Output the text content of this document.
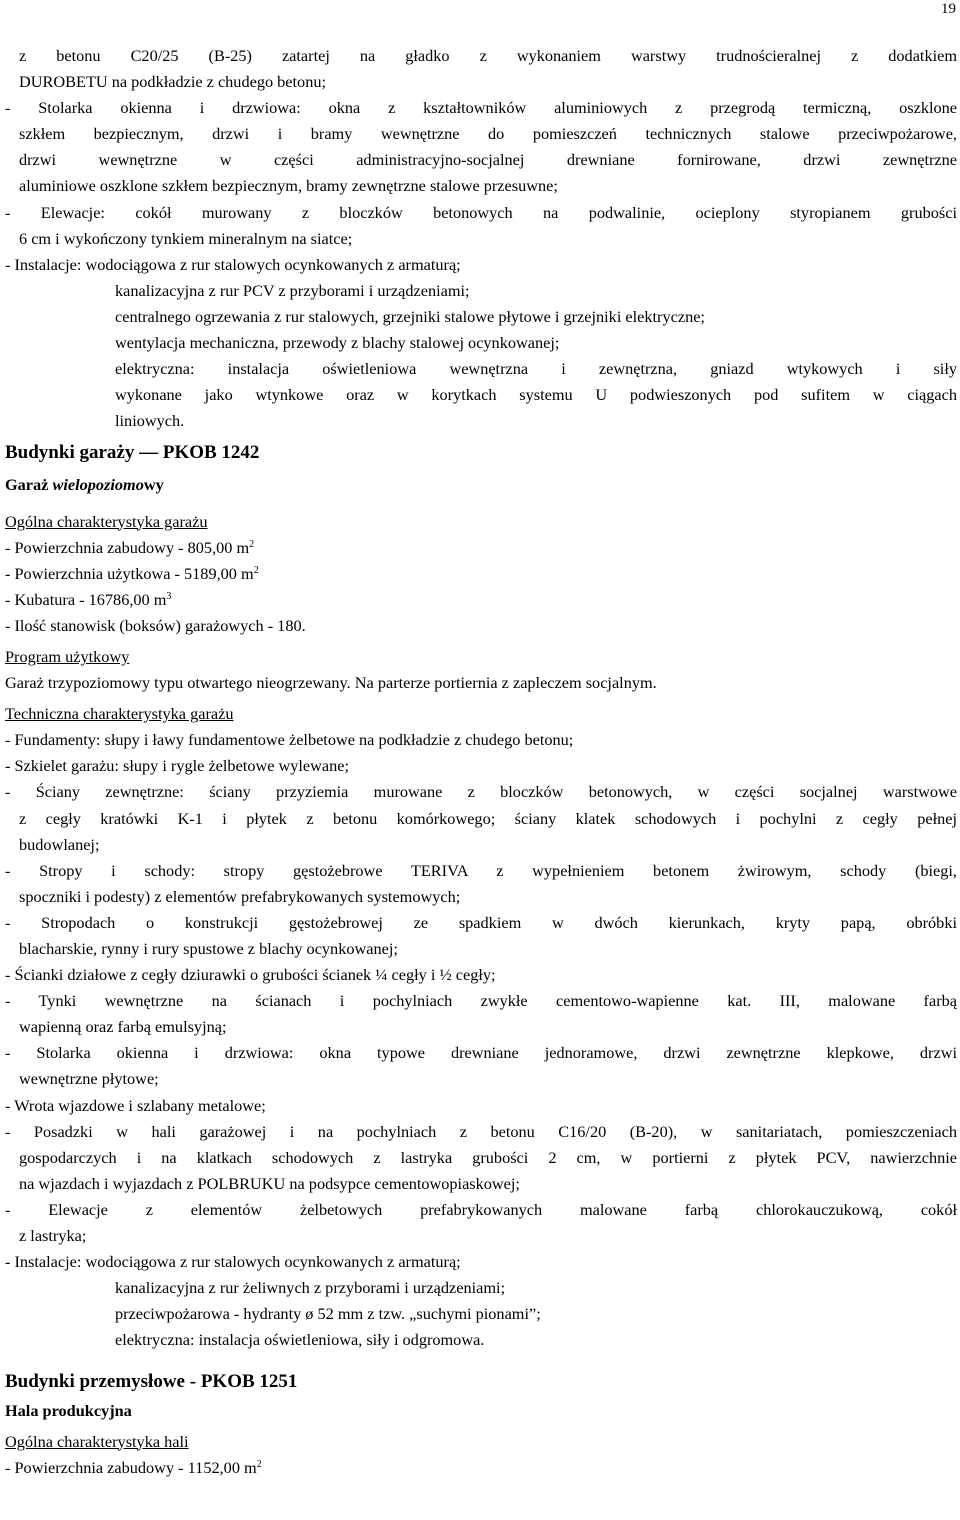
19
z betonu C20/25 (B-25) zatartej na gładko z wykonaniem warstwy trudnościeralnej z dodatkiem
DUROBETU na podkładzie z chudego betonu;
- Stolarka okienna i drzwiowa: okna z kształtowników aluminiowych z przegrodą termiczną, oszklone
szkłem bezpiecznym, drzwi i bramy wewnętrzne do pomieszczeń technicznych stalowe przeciwpożarowe,
drzwi wewnętrzne w części administracyjno-socjalnej drewniane fornirowane, drzwi zewnętrzne
aluminiowe oszklone szkłem bezpiecznym, bramy zewnętrzne stalowe przesuwne;
- Elewacje: cokół murowany z bloczków betonowych na podwalinie, ocieplony styropianem grubości
6 cm i wykończony tynkiem mineralnym na siatce;
- Instalacje: wodociągowa z rur stalowych ocynkowanych z armaturą;
kanalizacyjna z rur PCV z przyborami i urządzeniami;
centralnego ogrzewania z rur stalowych, grzejniki stalowe płytowe i grzejniki elektryczne;
wentylacja mechaniczna, przewody z blachy stalowej ocynkowanej;
elektryczna: instalacja oświetleniowa wewnętrzna i zewnętrzna, gniazd wtykowych i siły
wykonane jako wtynkowe oraz w korytkach systemu U podwieszonych pod sufitem w ciągach
liniowych.
Budynki garaży — PKOB 1242
Garaż wielopoziomowy
Ogólna charakterystyka garażu
- Powierzchnia zabudowy - 805,00 $m^2$
- Powierzchnia użytkowa - 5189,00 $m^2$
- Kubatura - 16786,00 $m^3$
- Ilość stanowisk (boksów) garażowych - 180.
Program użytkowy
Garaż trzypoziomowy typu otwartego nieogrzewany. Na parterze portiernia z zapleczem socjalnym.
Techniczna charakterystyka garażu
- Fundamenty: słupy i ławy fundamentowe żelbetowe na podkładzie z chudego betonu;
- Szkielet garażu: słupy i rygle żelbetowe wylewane;
- Ściany zewnętrzne: ściany przyziemia murowane z bloczków betonowych, w części socjalnej warstwowe
z cegły kratówki K-1 i płytek z betonu komórkowego; ściany klatek schodowych i pochylni z cegły pełnej
budowlanej;
- Stropy i schody: stropy gęstożebrowe TERIVA z wypełnieniem betonem żwirowym, schody (biegi,
spoczniki i podesty) z elementów prefabrykowanych systemowych;
- Stropodach o konstrukcji gęstożebrowej ze spadkiem w dwóch kierunkach, kryty papą, obróbki
blacharskie, rynny i rury spustowe z blachy ocynkowanej;
- Ścianki działowe z cegły dziurawki o grubości ścianek ¼ cegły i ½ cegły;
- Tynki wewnętrzne na ścianach i pochylniach zwykłe cementowo-wapienne kat. III, malowane farbą
wapienną oraz farbą emulsyjną;
- Stolarka okienna i drzwiowa: okna typowe drewniane jednoramowe, drzwi zewnętrzne klepkowe, drzwi
wewnętrzne płytowe;
- Wrota wjazdowe i szlabany metalowe;
- Posadzki w hali garażowej i na pochylniach z betonu C16/20 (B-20), w sanitariatach, pomieszczeniach
gospodarczych i na klatkach schodowych z lastryka grubości 2 cm, w portierni z płytek PCV, nawierzchnie
na wjazdach i wyjazdach z POLBRUKU na podsypce cementowopiaskowej;
- Elewacje z elementów żelbetowych prefabrykowanych malowane farbą chlorokauczukową, cokół
z lastryka;
- Instalacje: wodociągowa z rur stalowych ocynkowanych z armaturą;
kanalizacyjna z rur żeliwnych z przyborami i urządzeniami;
przeciwpożarowa - hydranty ø 52 mm z tzw. „suchymi pionami”;
elektryczna: instalacja oświetleniowa, siły i odgromowa.
Budynki przemysłowe - PKOB 1251
Hala produkcyjna
Ogólna charakterystyka hali
- Powierzchnia zabudowy - 1152,00 $m^2$
